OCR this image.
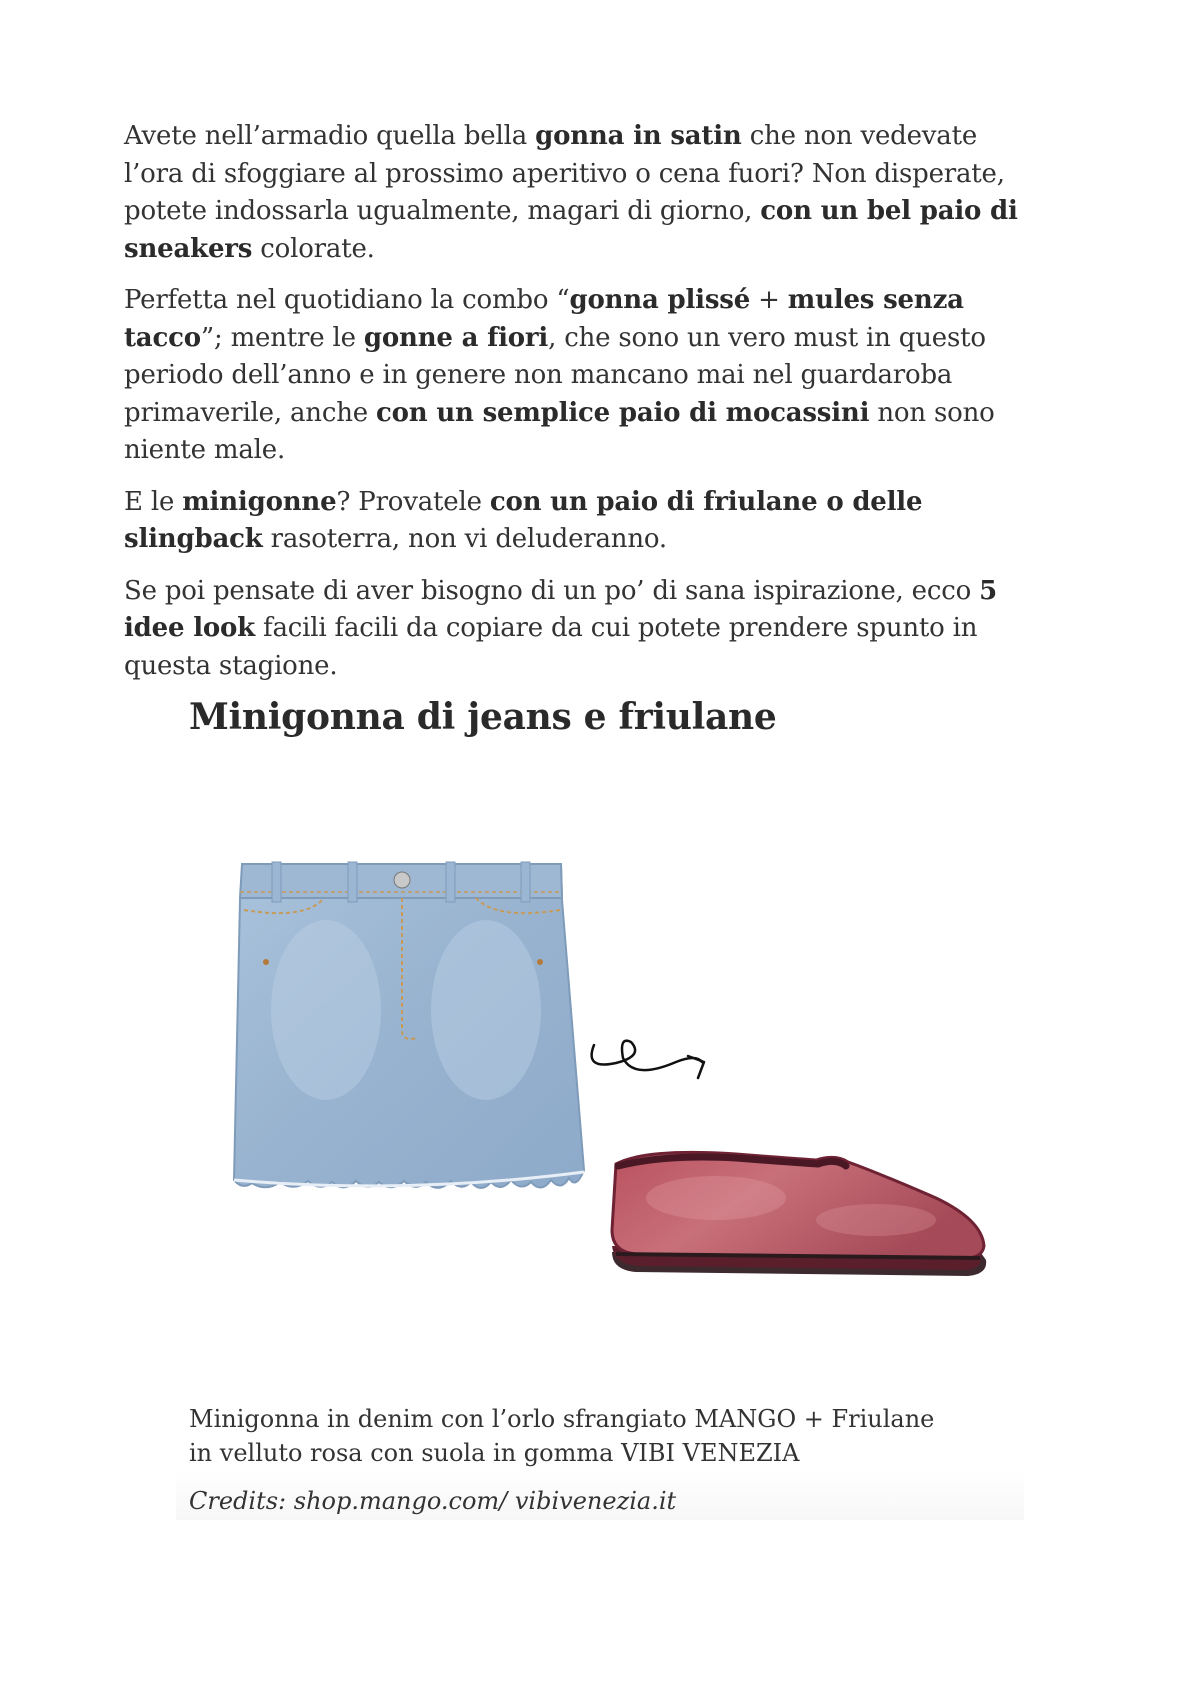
Avete nell’armadio quella bella gonna in satin che non vedevate l’ora di sfoggiare al prossimo aperitivo o cena fuori? Non disperate, potete indossarla ugualmente, magari di giorno, con un bel paio di sneakers colorate.

Perfetta nel quotidiano la combo “gonna plissé + mules senza tacco”; mentre le gonne a fiori, che sono un vero must in questo periodo dell’anno e in genere non mancano mai nel guardaroba primaverile, anche con un semplice paio di mocassini non sono niente male.

E le minigonne? Provatele con un paio di friulane o delle slingback rasoterra, non vi deluderanno.

Se poi pensate di aver bisogno di un po’ di sana ispirazione, ecco 5 idee look facili facili da copiare da cui potete prendere spunto in questa stagione.

Minigonna di jeans e friulane

Minigonna in denim con l’orlo sfrangiato MANGO + Friulane in velluto rosa con suola in gomma VIBI VENEZIA

Credits: shop.mango.com/ vibivenezia.it
